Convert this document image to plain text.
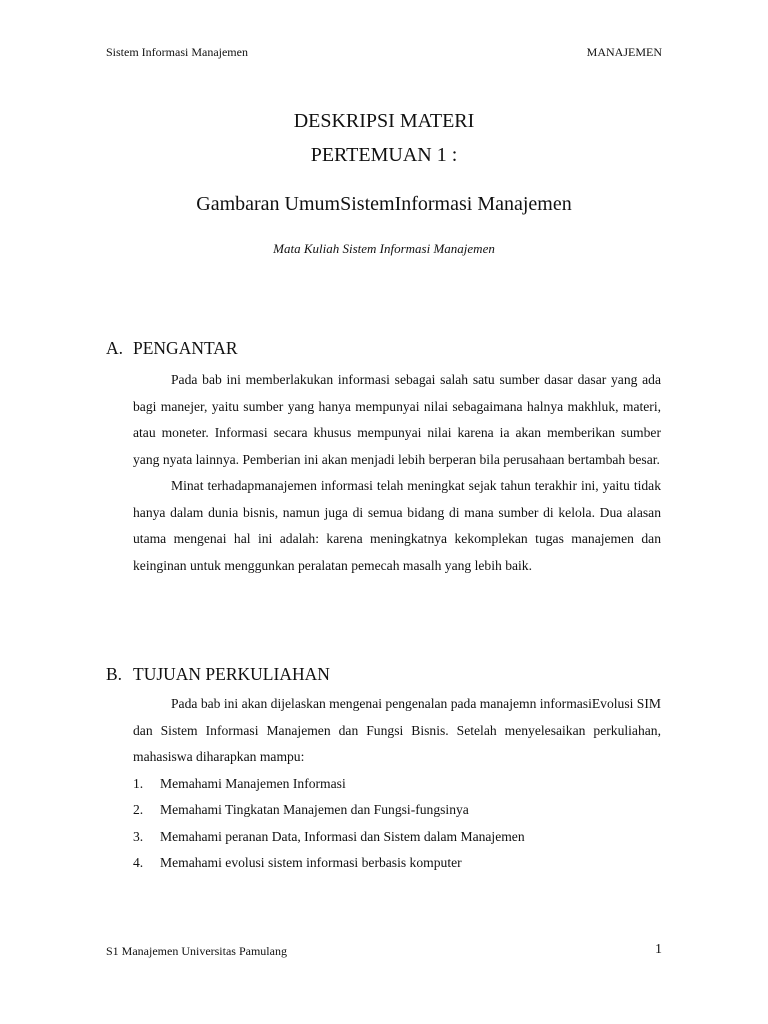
Sistem Informasi Manajemen	MANAJEMEN
DESKRIPSI MATERI
PERTEMUAN 1 :
Gambaran UmumSistemInformasi Manajemen
Mata Kuliah Sistem Informasi Manajemen
A. PENGANTAR

Pada bab ini memberlakukan informasi sebagai salah satu sumber dasar dasar yang ada bagi manejer, yaitu sumber yang hanya mempunyai nilai sebagaimana halnya makhluk, materi, atau moneter. Informasi secara khusus mempunyai nilai karena ia akan memberikan sumber yang nyata lainnya. Pemberian ini akan menjadi lebih berperan bila perusahaan bertambah besar.

Minat terhadapmanajemen informasi telah meningkat sejak tahun terakhir ini, yaitu tidak hanya dalam dunia bisnis, namun juga di semua bidang di mana sumber di kelola. Dua alasan utama mengenai hal ini adalah: karena meningkatnya kekomplekan tugas manajemen dan keinginan untuk menggunkan peralatan pemecah masalh yang lebih baik.

B. TUJUAN PERKULIAHAN

Pada bab ini akan dijelaskan mengenai pengenalan pada manajemn informasiEvolusi SIM dan Sistem Informasi Manajemen dan Fungsi Bisnis. Setelah menyelesaikan perkuliahan, mahasiswa diharapkan mampu:

1. Memahami Manajemen Informasi
2. Memahami Tingkatan Manajemen dan Fungsi-fungsinya
3. Memahami peranan Data, Informasi dan Sistem dalam Manajemen
4. Memahami evolusi sistem informasi berbasis komputer
S1 Manajemen Universitas Pamulang	1
